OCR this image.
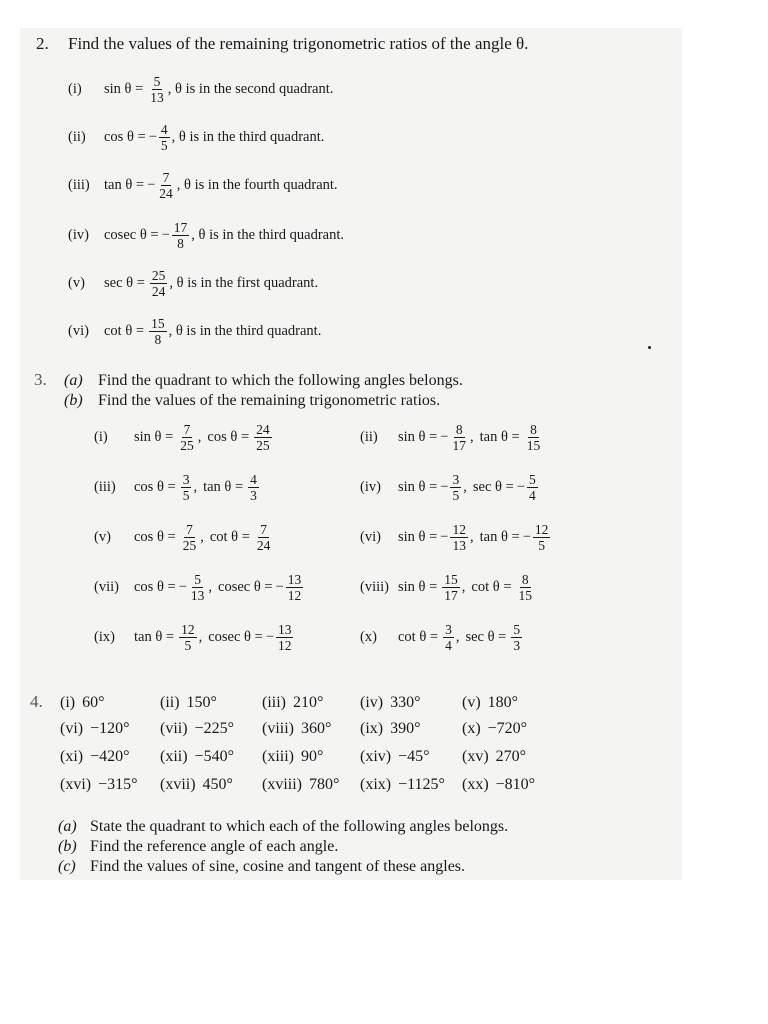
2. Find the values of the remaining trigonometric ratios of the angle θ.
3. (a) Find the quadrant to which the following angles belongs.
(b) Find the values of the remaining trigonometric ratios.
4.
(i)	$\sin \theta = \frac{5}{13}$ , θ is in the second quadrant.
(ii)	cos θ = − $\frac{4}{5}$ , θ is in the third quadrant.
(iii) tan θ = − $\frac{7}{24}$ , θ is in the fourth quadrant.
(iv)	cosec θ = − $\frac{17}{8}$ , θ is in the third quadrant.
(v)	$\sec \theta = \frac{25}{24}$ , θ is in the first quadrant.
(vi)	$\cot \theta = \frac{15}{8}$ , θ is in the third quadrant.
(i)	$\sin \theta = \frac{7}{25}$ , $\cos \theta = \frac{24}{25}$	(ii)	sin θ = − $\frac{8}{17}$ , $\tan \theta = \frac{8}{15}$
(iii)	$\cos \theta = \frac{3}{5}$ , $\tan \theta = \frac{4}{3}$	(iv)	sin θ = − $\frac{3}{5}$ , sec θ = − $\frac{5}{4}$
(v)	$\cos \theta = \frac{7}{25}$ , $\cot \theta = \frac{7}{24}$	(vi)	sin θ = − $\frac{12}{13}$ , tan θ = − $\frac{12}{5}$
(vii)	cos θ = − $\frac{5}{13}$ , cosec θ = − $\frac{13}{12}$	(viii) $\sin \theta = \frac{15}{17}$ , $\cot \theta = \frac{8}{15}$
(ix)	$\tan \theta = \frac{12}{5}$ , cosec θ = − $\frac{13}{12}$	(x)	$\cot \theta = \frac{3}{4}$ , $\sec \theta = \frac{5}{3}$
(i) 60°	(ii) 150°	(iii) 210° (iv) 330°	(v) 180°
(vi) −120° (vii) −225° (viii) 360° (ix) 390°	(x) −720°
(xi) −420° (xii) −540° (xiii) 90° (xiv) −45° (xv) 270°
(xvi) −315° (xvii) 450° (xviii) 780° (xix) −1125° (xx) −810°
(a) State the quadrant to which each of the following angles belongs.
(b) Find the reference angle of each angle.
(c) Find the values of sine, cosine and tangent of these angles.
